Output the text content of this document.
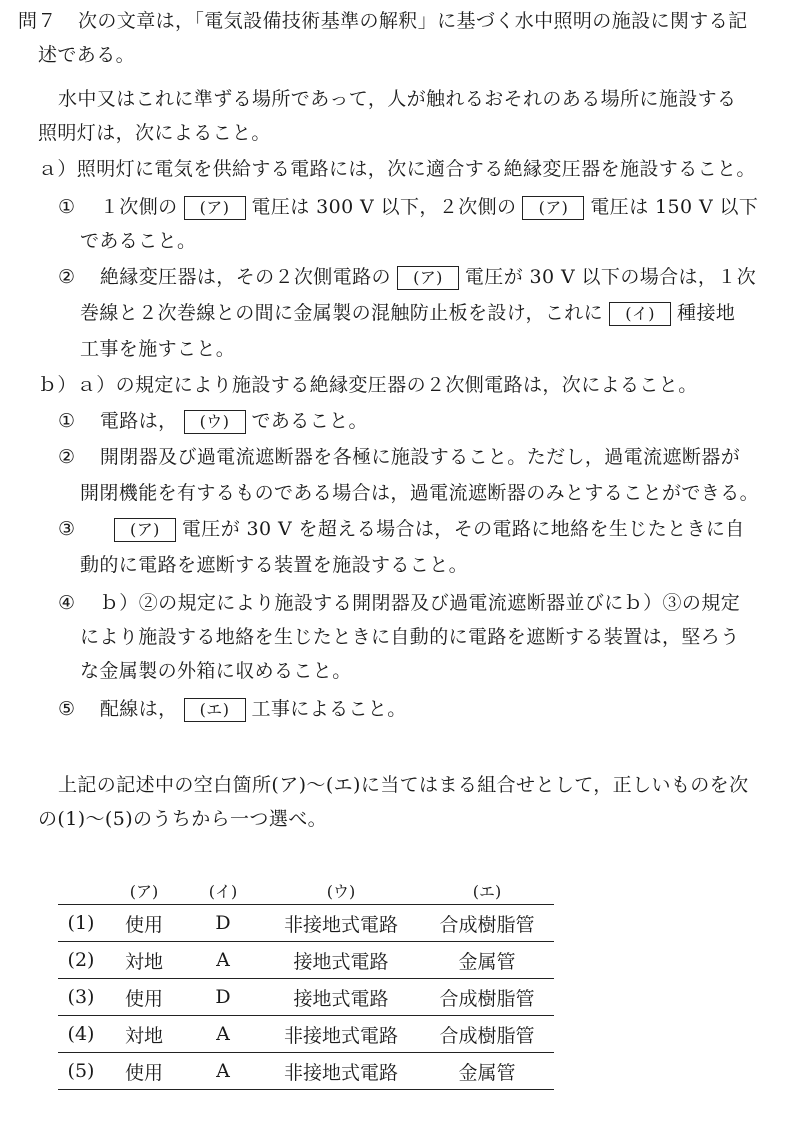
問７ 次の文章は，「電気設備技術基準の解釈」に基づく水中照明の施設に関する記
述である。
水中又はこれに準ずる場所であって，人が触れるおそれのある場所に施設する
照明灯は，次によること。
ａ）照明灯に電気を供給する電路には，次に適合する絶縁変圧器を施設すること。
① １次側の (ア) 電圧は 300 V 以下，２次側の (ア) 電圧は 150 V 以下
であること。
② 絶縁変圧器は，その２次側電路の (ア) 電圧が 30 V 以下の場合は，１次
巻線と２次巻線との間に金属製の混触防止板を設け，これに (イ) 種接地
工事を施すこと。
ｂ）ａ）の規定により施設する絶縁変圧器の２次側電路は，次によること。
① 電路は， (ウ) であること。
② 開閉器及び過電流遮断器を各極に施設すること。ただし，過電流遮断器が
開閉機能を有するものである場合は，過電流遮断器のみとすることができる。
③	(ア) 電圧が 30 V を超える場合は，その電路に地絡を生じたときに自
動的に電路を遮断する装置を施設すること。
④ ｂ）②の規定により施設する開閉器及び過電流遮断器並びにｂ）③の規定
により施設する地絡を生じたときに自動的に電路を遮断する装置は，堅ろう
な金属製の外箱に収めること。
⑤ 配線は， (エ) 工事によること。
上記の記述中の空白箇所(ア)～(エ)に当てはまる組合せとして，正しいものを次
の(1)～(5)のうちから一つ選べ。
	(ア)	(イ)	(ウ)	(エ)
(1)	使用	D	非接地式電路	合成樹脂管
(2)	対地	A	接地式電路	金属管
(3)	使用	D	接地式電路	合成樹脂管
(4)	対地	A	非接地式電路	合成樹脂管
(5)	使用	A	非接地式電路	金属管
